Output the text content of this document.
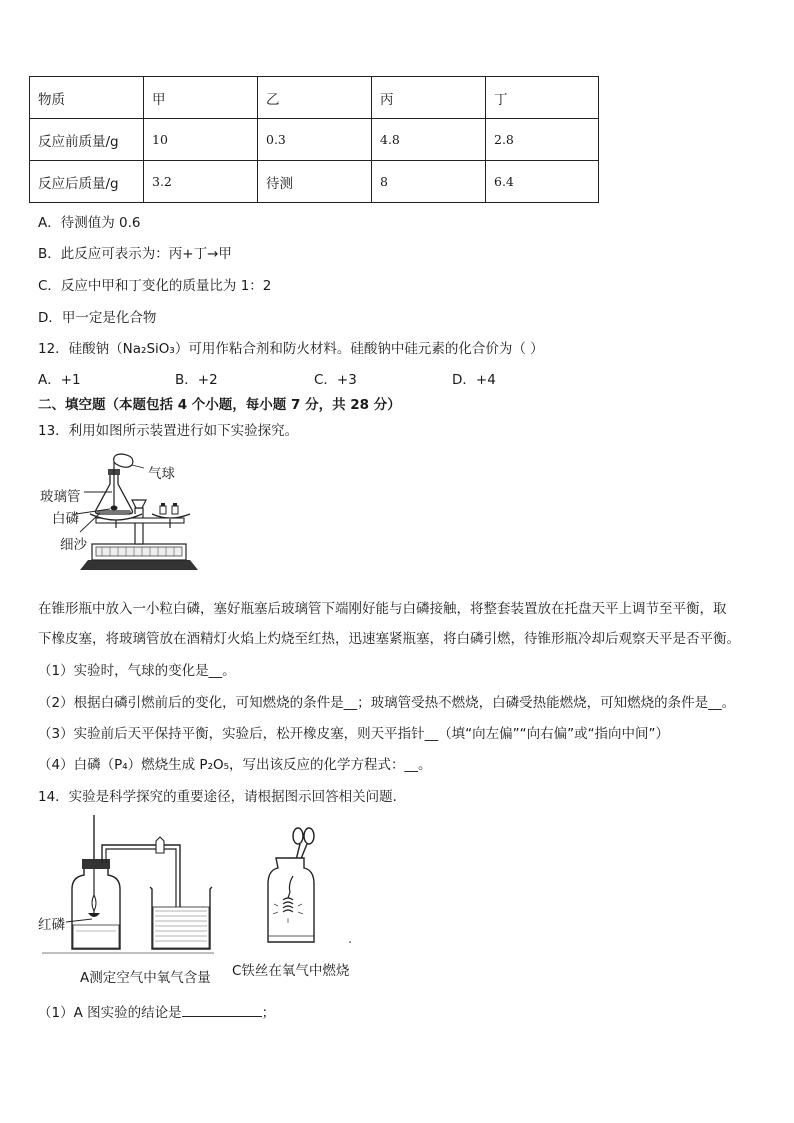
物质	甲	乙	丙	丁
反应前质量/g	10	0.3	4.8	2.8
反应后质量/g	3.2	待测	8	6.4
A．待测值为 0.6
B．此反应可表示为：丙+丁→甲
C．反应中甲和丁变化的质量比为 1：2
D．甲一定是化合物
12．硅酸钠（Na₂SiO₃）可用作粘合剂和防火材料。硅酸钠中硅元素的化合价为（ ）
A．+1	B．+2	C．+3	D．+4
二、填空题（本题包括 4 个小题，每小题 7 分，共 28 分）
13．利用如图所示装置进行如下实验探究。
气球
玻璃管
白磷
细沙
在锥形瓶中放入一小粒白磷，塞好瓶塞后玻璃管下端刚好能与白磷接触，将整套装置放在托盘天平上调节至平衡，取
下橡皮塞，将玻璃管放在酒精灯火焰上灼烧至红热，迅速塞紧瓶塞，将白磷引燃，待锥形瓶冷却后观察天平是否平衡。
（1）实验时，气球的变化是__。
（2）根据白磷引燃前后的变化，可知燃烧的条件是__；玻璃管受热不燃烧，白磷受热能燃烧，可知燃烧的条件是__。
（3）实验前后天平保持平衡，实验后，松开橡皮塞，则天平指针__（填“向左偏”“向右偏”或“指向中间”）
（4）白磷（P₄）燃烧生成 P₂O₅，写出该反应的化学方程式：__。
14．实验是科学探究的重要途径，请根据图示回答相关问题．
红磷
A测定空气中氧气含量 C铁丝在氧气中燃烧
（1）A 图实验的结论是	；
